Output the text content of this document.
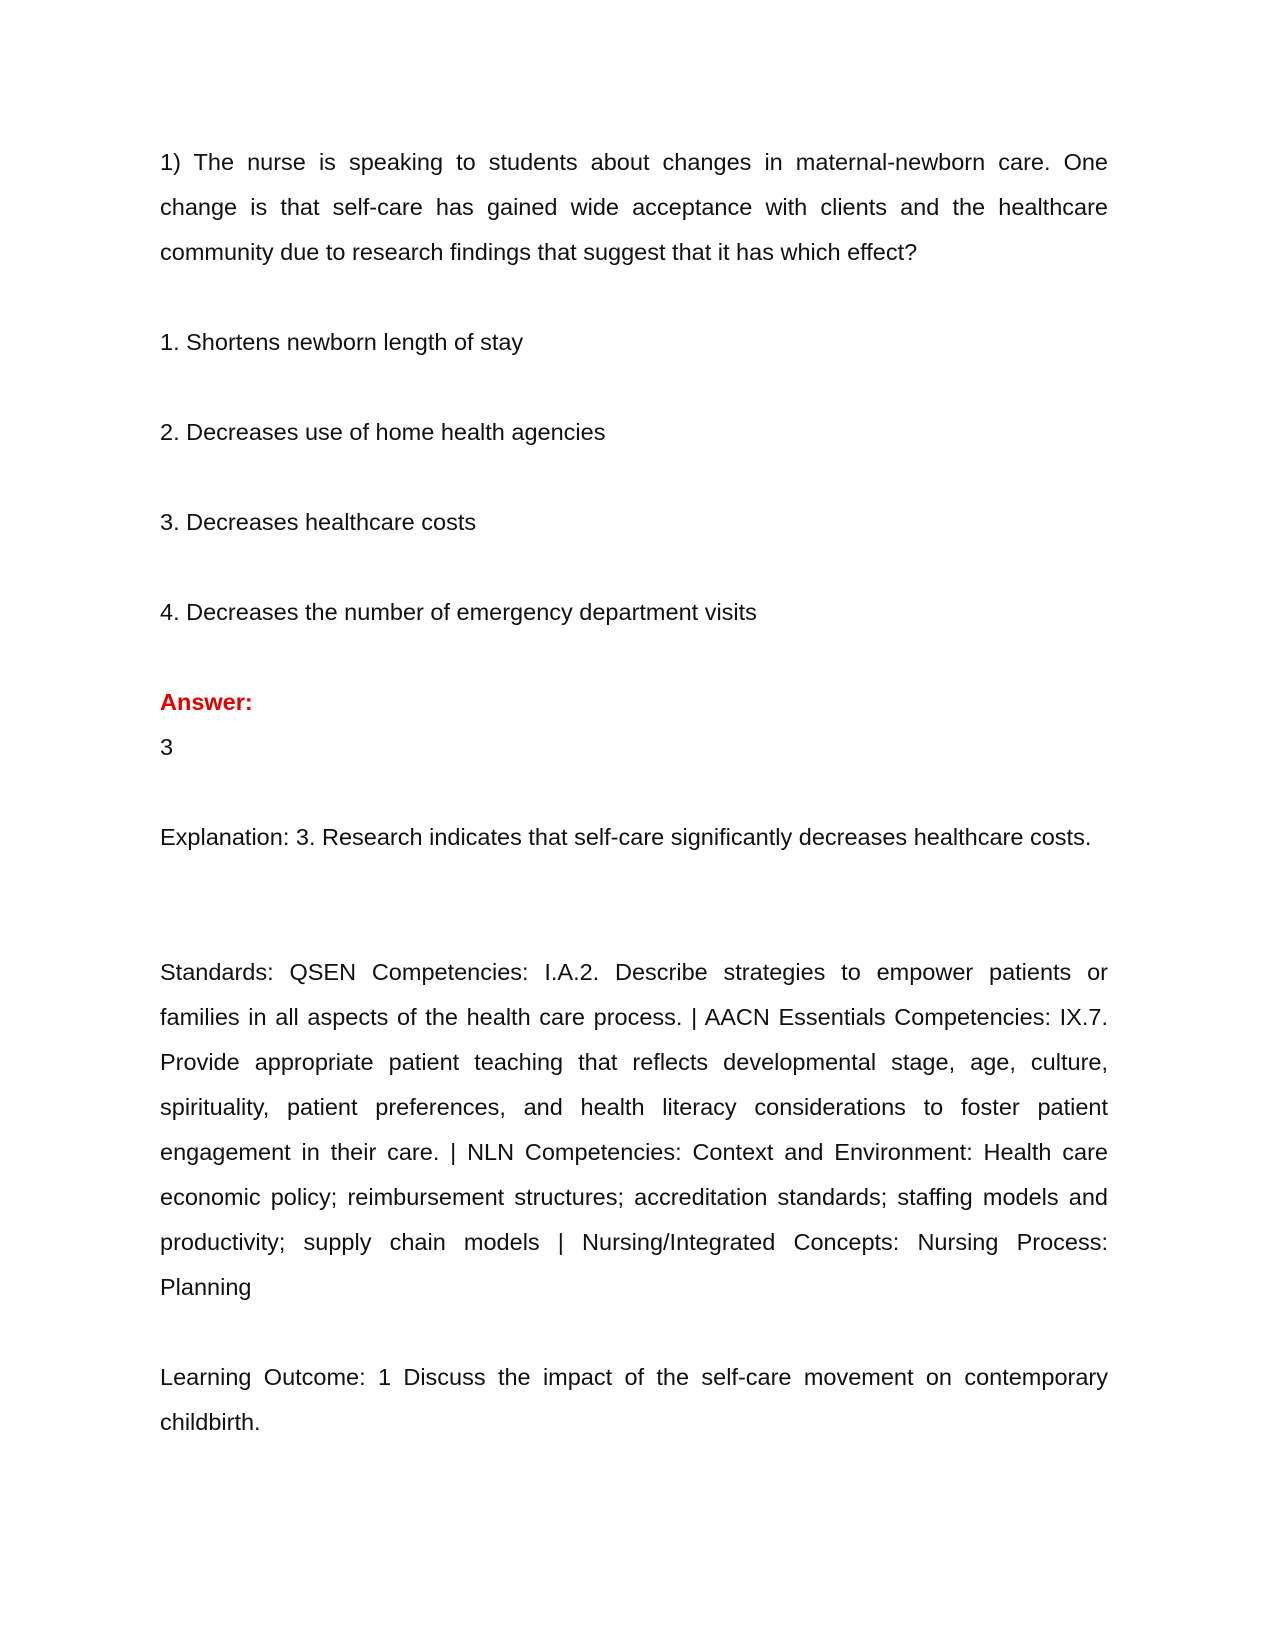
1) The nurse is speaking to students about changes in maternal-newborn care. One change is that self-care has gained wide acceptance with clients and the healthcare community due to research findings that suggest that it has which effect?

1. Shortens newborn length of stay

2. Decreases use of home health agencies

3. Decreases healthcare costs

4. Decreases the number of emergency department visits

Answer:

3

Explanation: 3. Research indicates that self-care significantly decreases healthcare costs.

Standards: QSEN Competencies: I.A.2. Describe strategies to empower patients or families in all aspects of the health care process. | AACN Essentials Competencies: IX.7. Provide appropriate patient teaching that reflects developmental stage, age, culture, spirituality, patient preferences, and health literacy considerations to foster patient engagement in their care. | NLN Competencies: Context and Environment: Health care economic policy; reimbursement structures; accreditation standards; staffing models and productivity; supply chain models | Nursing/Integrated Concepts: Nursing Process: Planning

Learning Outcome: 1 Discuss the impact of the self-care movement on contemporary childbirth.
